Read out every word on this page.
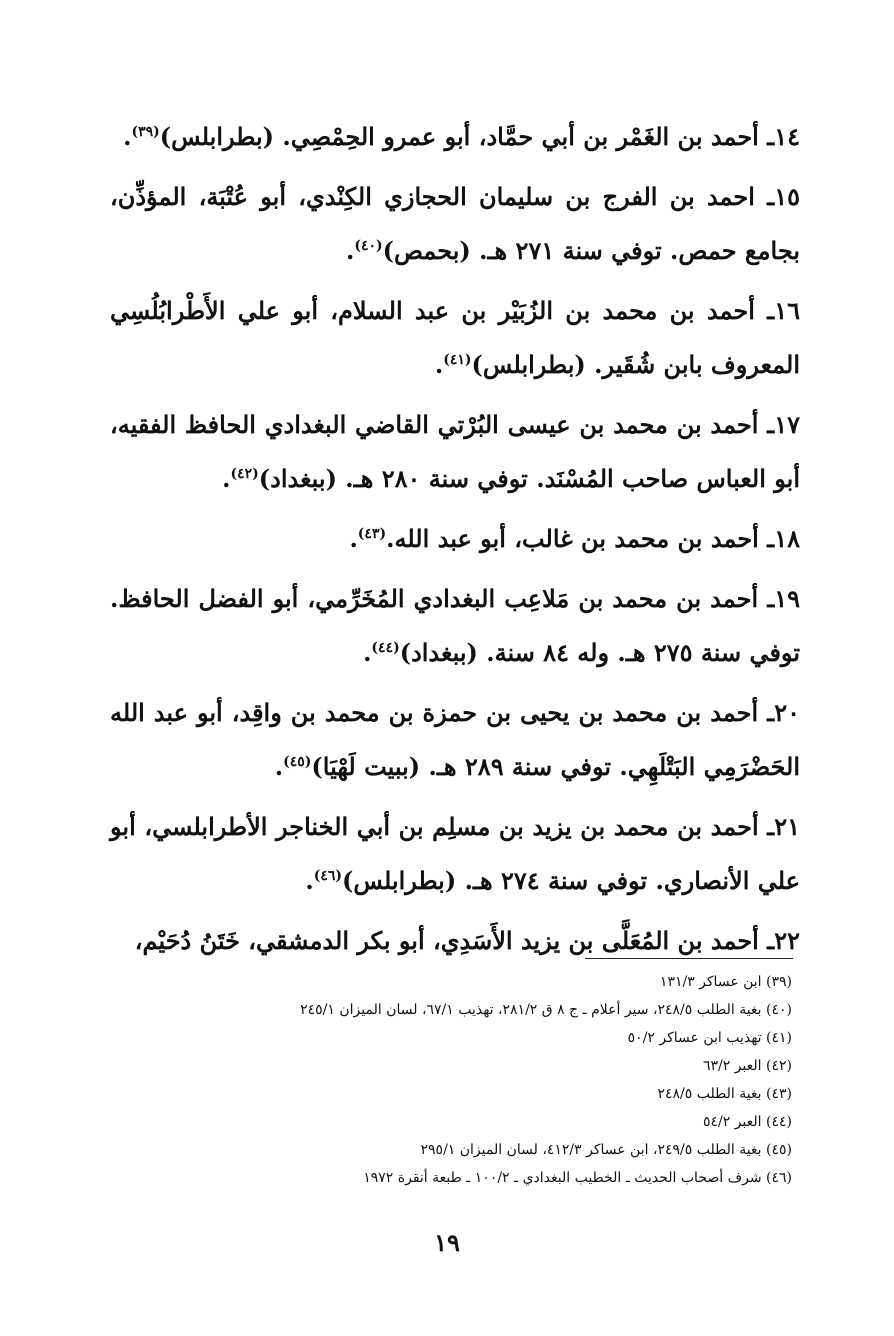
١٤ـ أحمد بن الغَمْر بن أبي حمَّاد، أبو عمرو الحِمْصِي. (بطرابلس)$^{(٣٩)}$.

١٥ـ احمد بن الفرج بن سليمان الحجازي الكِنْدي، أبو عُتْبَة، المؤذِّن، بجامع حمص. توفي سنة ٢٧١ هـ. (بحمص)$^{(٤٠)}$.

١٦ـ أحمد بن محمد بن الزُبَيْر بن عبد السلام، أبو علي الأَطْرابُلُسِي المعروف بابن شُقَير. (بطرابلس)$^{(٤١)}$.

١٧ـ أحمد بن محمد بن عيسى البُرْتي القاضي البغدادي الحافظ الفقيه، أبو العباس صاحب المُسْنَد. توفي سنة ٢٨٠ هـ. (ببغداد)$^{(٤٢)}$.

١٨ـ أحمد بن محمد بن غالب، أبو عبد الله.$^{(٤٣)}$.

١٩ـ أحمد بن محمد بن مَلاعِب البغدادي المُخَرِّمي، أبو الفضل الحافظ. توفي سنة ٢٧٥ هـ. وله ٨٤ سنة. (ببغداد)$^{(٤٤)}$.

٢٠ـ أحمد بن محمد بن يحيى بن حمزة بن محمد بن واقِد، أبو عبد الله الحَضْرَمِي البَتْلَهِي. توفي سنة ٢٨٩ هـ. (ببيت لَهْيَا)$^{(٤٥)}$.

٢١ـ أحمد بن محمد بن يزيد بن مسلِم بن أبي الخناجر الأطرابلسي، أبو علي الأنصاري. توفي سنة ٢٧٤ هـ. (بطرابلس)$^{(٤٦)}$.

٢٢ـ أحمد بن المُعَلَّى بن يزيد الأَسَدِي، أبو بكر الدمشقي، خَتَنُ دُحَيْم،

(٣٩) ابن عساكر ١٣١/٣
(٤٠) بغية الطلب ٢٤٨/٥، سير أعلام ـ ج ٨ ق ٢٨١/٢، تهذيب ٦٧/١، لسان الميزان ٢٤٥/١
(٤١) تهذيب ابن عساكر ٥٠/٢
(٤٢) العبر ٦٣/٢
(٤٣) بغية الطلب ٢٤٨/٥
(٤٤) العبر ٥٤/٢
(٤٥) بغية الطلب ٢٤٩/٥، ابن عساكر ٤١٢/٣، لسان الميزان ٢٩٥/١
(٤٦) شرف أصحاب الحديث ـ الخطيب البغدادي ـ ١٠٠/٢ ـ طبعة أنقرة ١٩٧٢
١٩
